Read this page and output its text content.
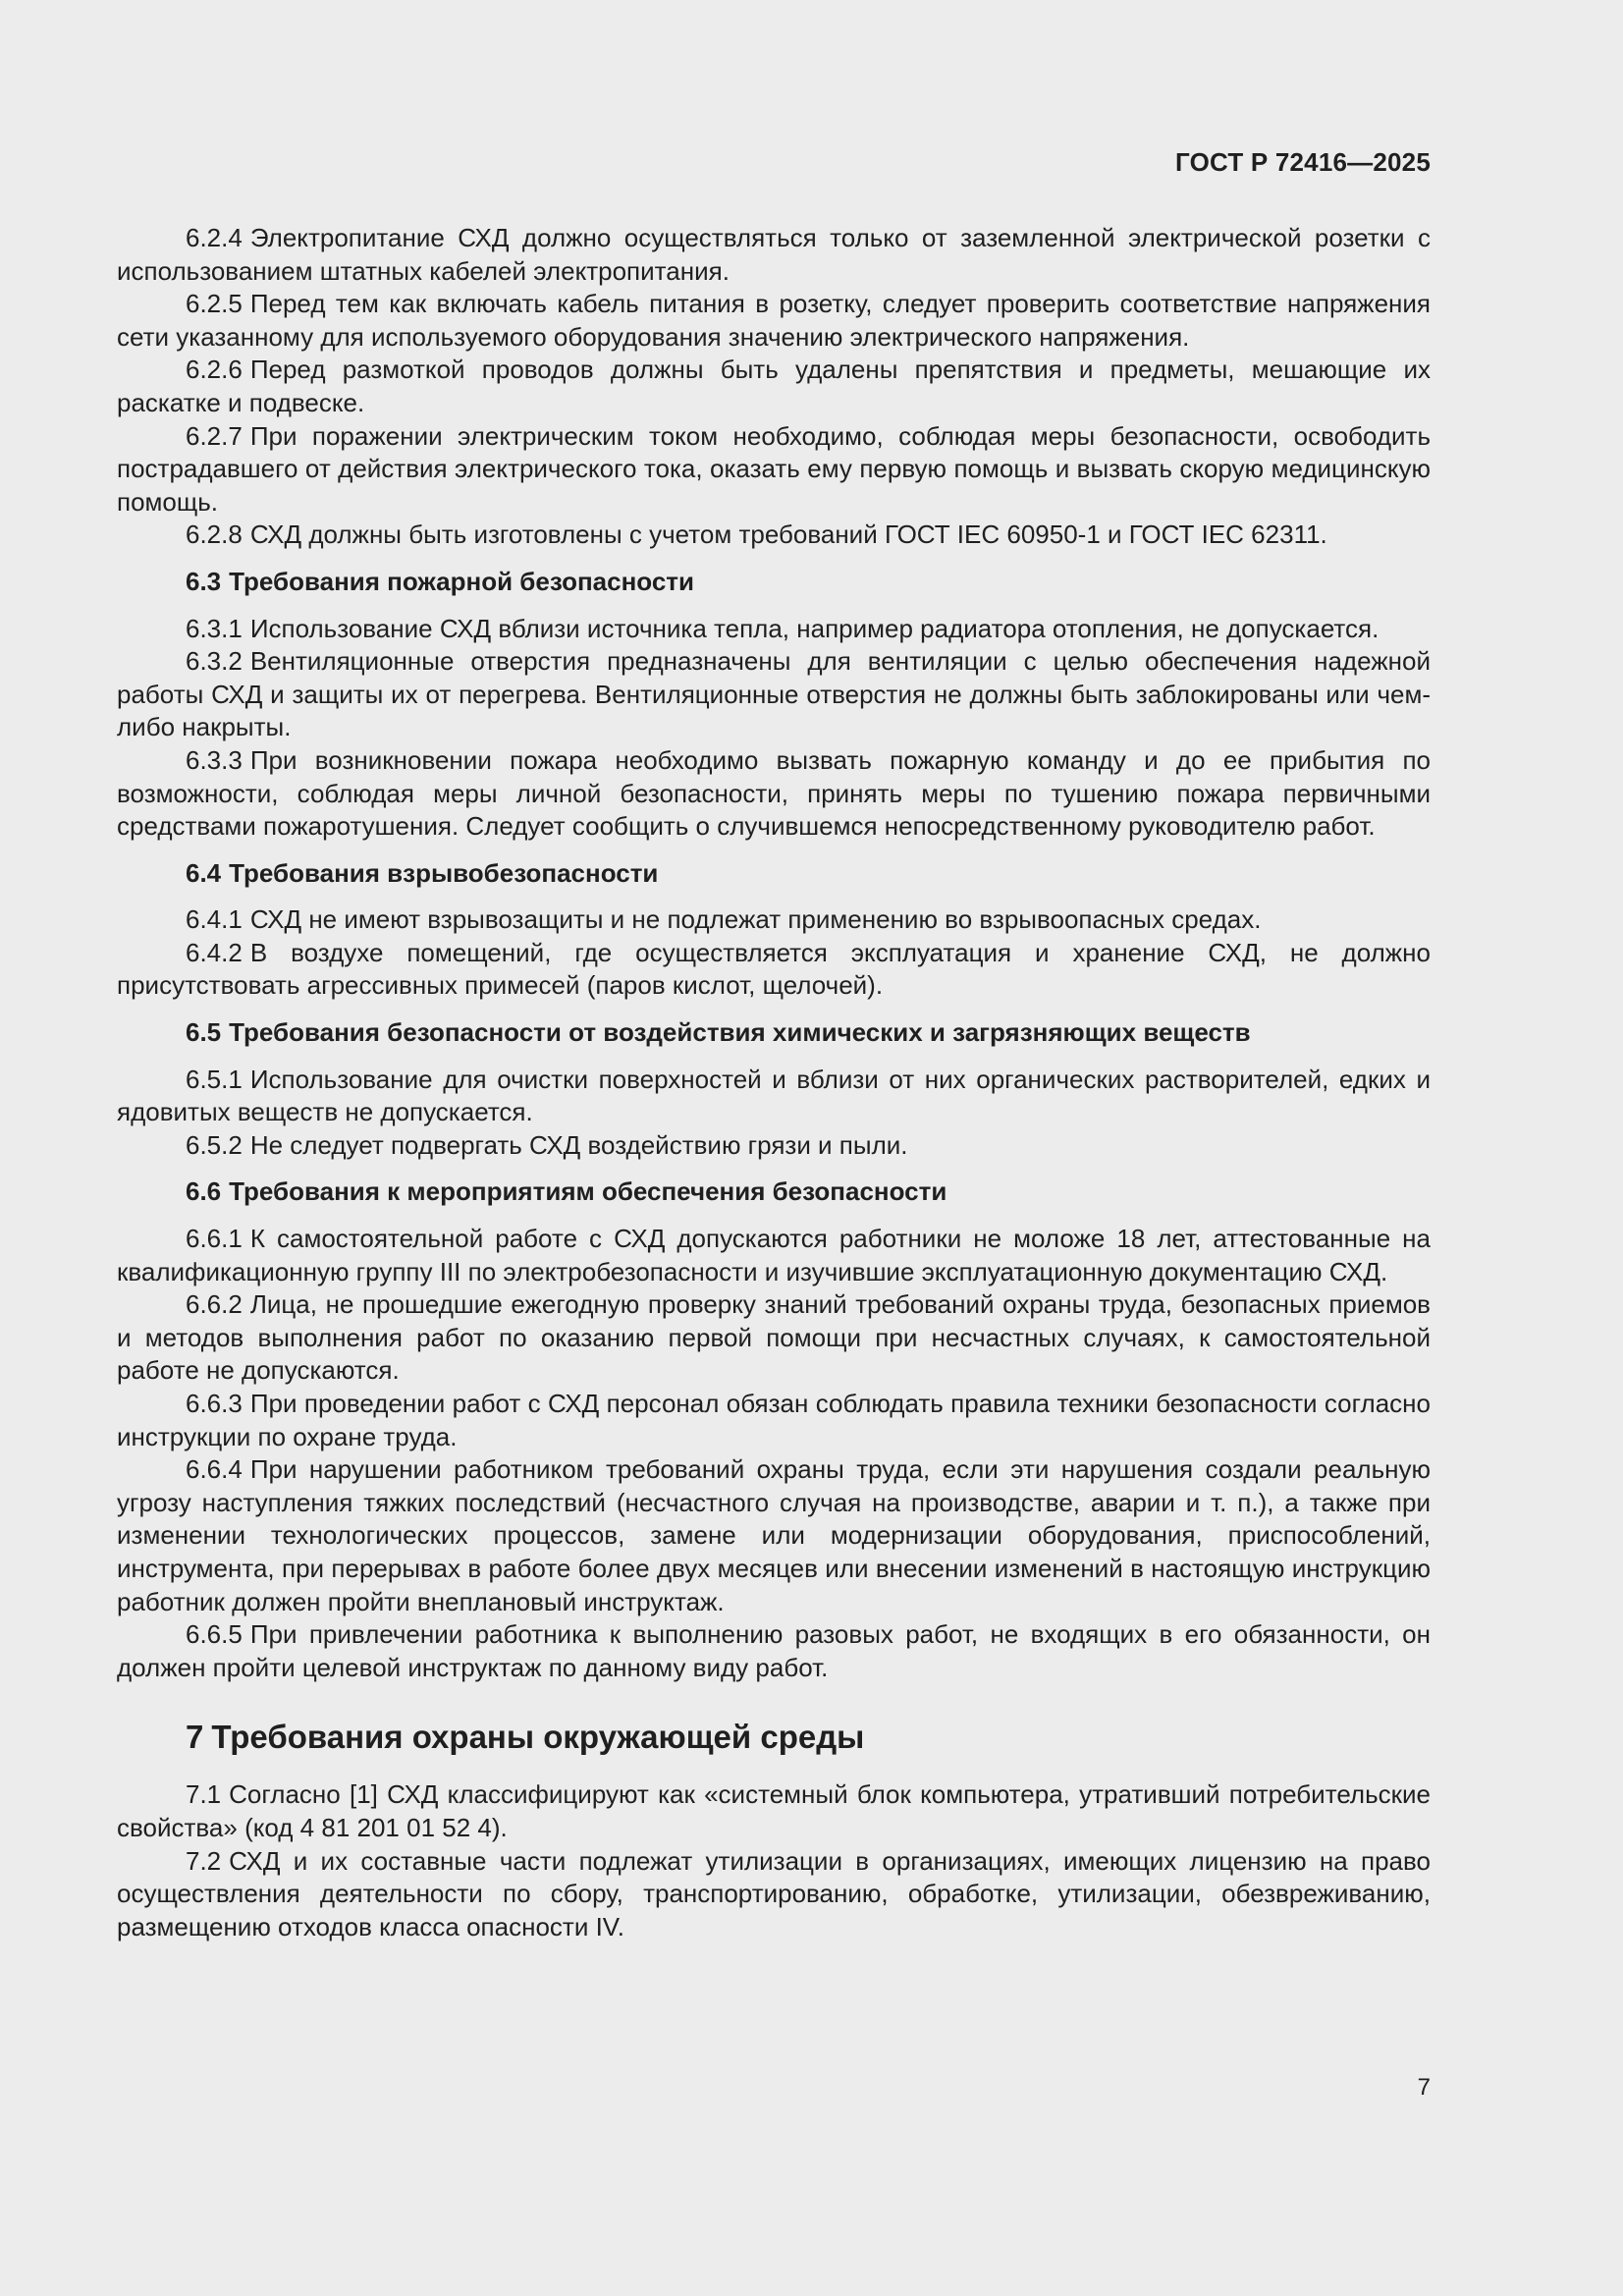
ГОСТ Р 72416—2025
6.2.4 Электропитание СХД должно осуществляться только от заземленной электрической розетки с использованием штатных кабелей электропитания.
6.2.5 Перед тем как включать кабель питания в розетку, следует проверить соответствие напряжения сети указанному для используемого оборудования значению электрического напряжения.
6.2.6 Перед размоткой проводов должны быть удалены препятствия и предметы, мешающие их раскатке и подвеске.
6.2.7 При поражении электрическим током необходимо, соблюдая меры безопасности, освободить пострадавшего от действия электрического тока, оказать ему первую помощь и вызвать скорую медицинскую помощь.
6.2.8 СХД должны быть изготовлены с учетом требований ГОСТ IEC 60950-1 и ГОСТ IEC 62311.
6.3 Требования пожарной безопасности
6.3.1 Использование СХД вблизи источника тепла, например радиатора отопления, не допускается.
6.3.2 Вентиляционные отверстия предназначены для вентиляции с целью обеспечения надежной работы СХД и защиты их от перегрева. Вентиляционные отверстия не должны быть заблокированы или чем-либо накрыты.
6.3.3 При возникновении пожара необходимо вызвать пожарную команду и до ее прибытия по возможности, соблюдая меры личной безопасности, принять меры по тушению пожара первичными средствами пожаротушения. Следует сообщить о случившемся непосредственному руководителю работ.
6.4 Требования взрывобезопасности
6.4.1 СХД не имеют взрывозащиты и не подлежат применению во взрывоопасных средах.
6.4.2 В воздухе помещений, где осуществляется эксплуатация и хранение СХД, не должно присутствовать агрессивных примесей (паров кислот, щелочей).
6.5 Требования безопасности от воздействия химических и загрязняющих веществ
6.5.1 Использование для очистки поверхностей и вблизи от них органических растворителей, едких и ядовитых веществ не допускается.
6.5.2 Не следует подвергать СХД воздействию грязи и пыли.
6.6 Требования к мероприятиям обеспечения безопасности
6.6.1 К самостоятельной работе с СХД допускаются работники не моложе 18 лет, аттестованные на квалификационную группу III по электробезопасности и изучившие эксплуатационную документацию СХД.
6.6.2 Лица, не прошедшие ежегодную проверку знаний требований охраны труда, безопасных приемов и методов выполнения работ по оказанию первой помощи при несчастных случаях, к самостоятельной работе не допускаются.
6.6.3 При проведении работ с СХД персонал обязан соблюдать правила техники безопасности согласно инструкции по охране труда.
6.6.4 При нарушении работником требований охраны труда, если эти нарушения создали реальную угрозу наступления тяжких последствий (несчастного случая на производстве, аварии и т. п.), а также при изменении технологических процессов, замене или модернизации оборудования, приспособлений, инструмента, при перерывах в работе более двух месяцев или внесении изменений в настоящую инструкцию работник должен пройти внеплановый инструктаж.
6.6.5 При привлечении работника к выполнению разовых работ, не входящих в его обязанности, он должен пройти целевой инструктаж по данному виду работ.
7 Требования охраны окружающей среды
7.1 Согласно [1] СХД классифицируют как «системный блок компьютера, утративший потребительские свойства» (код 4 81 201 01 52 4).
7.2 СХД и их составные части подлежат утилизации в организациях, имеющих лицензию на право осуществления деятельности по сбору, транспортированию, обработке, утилизации, обезвреживанию, размещению отходов класса опасности IV.
7
